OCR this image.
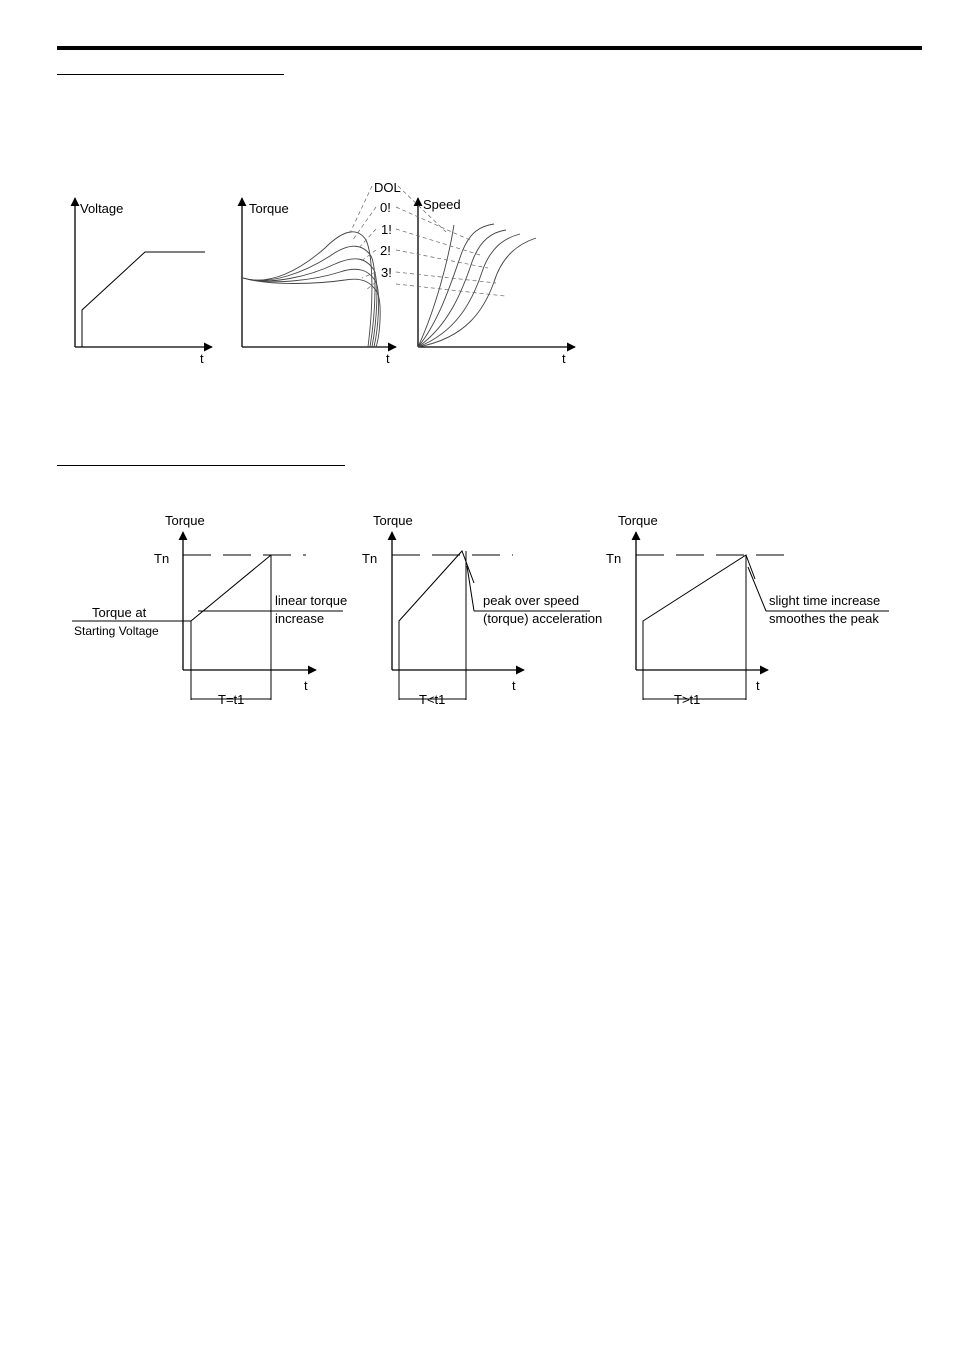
Voltage
t
Torque
t
Speed
t
DOL
0!
1!
2!
3!
Torque
Tn
t
Torque at
Starting Voltage
linear torque
increase
T=t1
Torque
Tn
t
peak over speed
(torque) acceleration
T<t1
Torque
Tn
t
slight time increase
smoothes the peak
T>t1
